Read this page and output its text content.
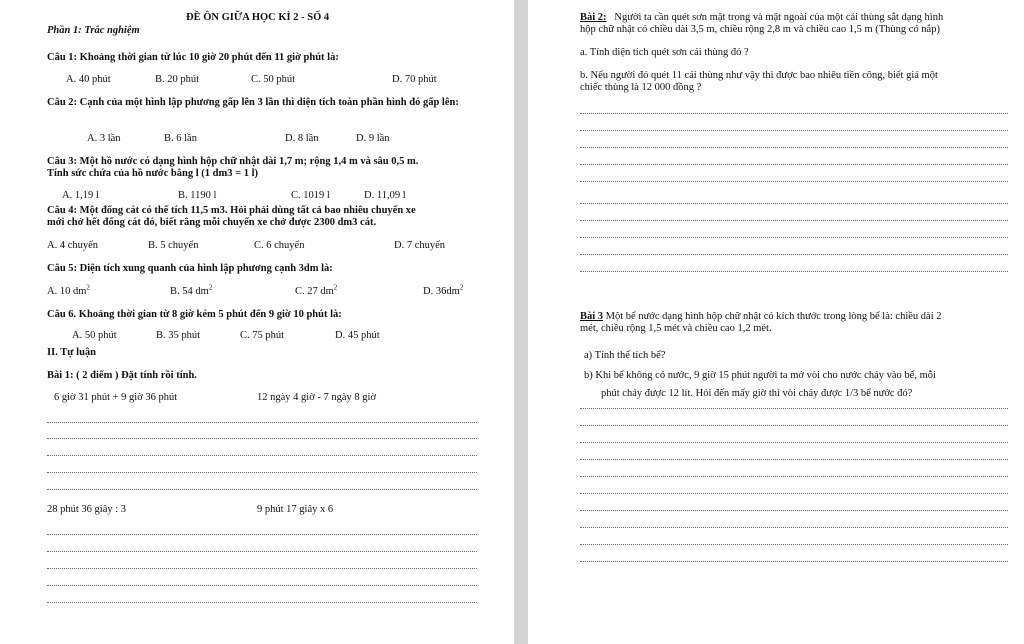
ĐỀ ÔN GIỮA HỌC KÌ 2 - SỐ 4
Phần 1: Trắc nghiệm
Câu 1: Khoảng thời gian từ lúc 10 giờ 20 phút đến 11 giờ phút là:
A. 40 phút	B. 20 phút	C. 50 phút	D. 70 phút
Câu 2: Cạnh của một hình lập phương gấp lên 3 lần thì diện tích toàn phần hình đó gấp lên:
A. 3 lần	B. 6 lần	D. 8 lần	D. 9 lần
Câu 3: Một hồ nước có dạng hình hộp chữ nhật dài 1,7 m; rộng 1,4 m và sâu 0,5 m.
Tính sức chứa của hồ nước bằng l (1 dm3 = 1 l)
A. 1,19 l	B. 1190 l	C. 1019 l	D. 11,09 l
Câu 4: Một đống cát có thể tích 11,5 m3. Hỏi phải dùng tất cả bao nhiêu chuyến xe
mới chở hết đống cát đó, biết rằng mỗi chuyến xe chở được 2300 dm3 cát.
A. 4 chuyến	B. 5 chuyến	C. 6 chuyến	D. 7 chuyến
Câu 5: Diện tích xung quanh của hình lập phương cạnh 3dm là:
A. 10 $dm^2$	B. 54 $dm^2$	C. 27 $dm^2$	D. $36dm^2$
Câu 6. Khoảng thời gian từ 8 giờ kém 5 phút đến 9 giờ 10 phút là:
A. 50 phút	B. 35 phút	C. 75 phút	D. 45 phút
II. Tự luận
Bài 1: ( 2 điểm ) Đặt tính rồi tính.
6 giờ 31 phút + 9 giờ 36 phút	12 ngày 4 giờ - 7 ngày 8 giờ
28 phút 36 giây : 3	9 phút 17 giây x 6
Bài 2: Người ta cần quét sơn mặt trong và mặt ngoài của một cái thùng sắt dạng hình
hộp chữ nhật có chiều dài 3,5 m, chiều rộng 2,8 m và chiều cao 1,5 m (Thùng có nắp)
a. Tính diện tích quét sơn cái thùng đó ?
b. Nếu người đó quét 11 cái thùng như vậy thì được bao nhiêu tiền công, biết giá một
chiếc thùng là 12 000 đồng ?
Bài 3 Một bể nước dạng hình hộp chữ nhật có kích thước trong lòng bể là: chiều dài 2
mét, chiều rộng 1,5 mét và chiều cao 1,2 mét.
a) Tính thể tích bể?
b) Khi bể không có nước, 9 giờ 15 phút người ta mở vòi cho nước chảy vào bể, mỗi
phút chảy được 12 lít. Hỏi đến mấy giờ thì vòi chảy được 1/3 bể nước đó?
